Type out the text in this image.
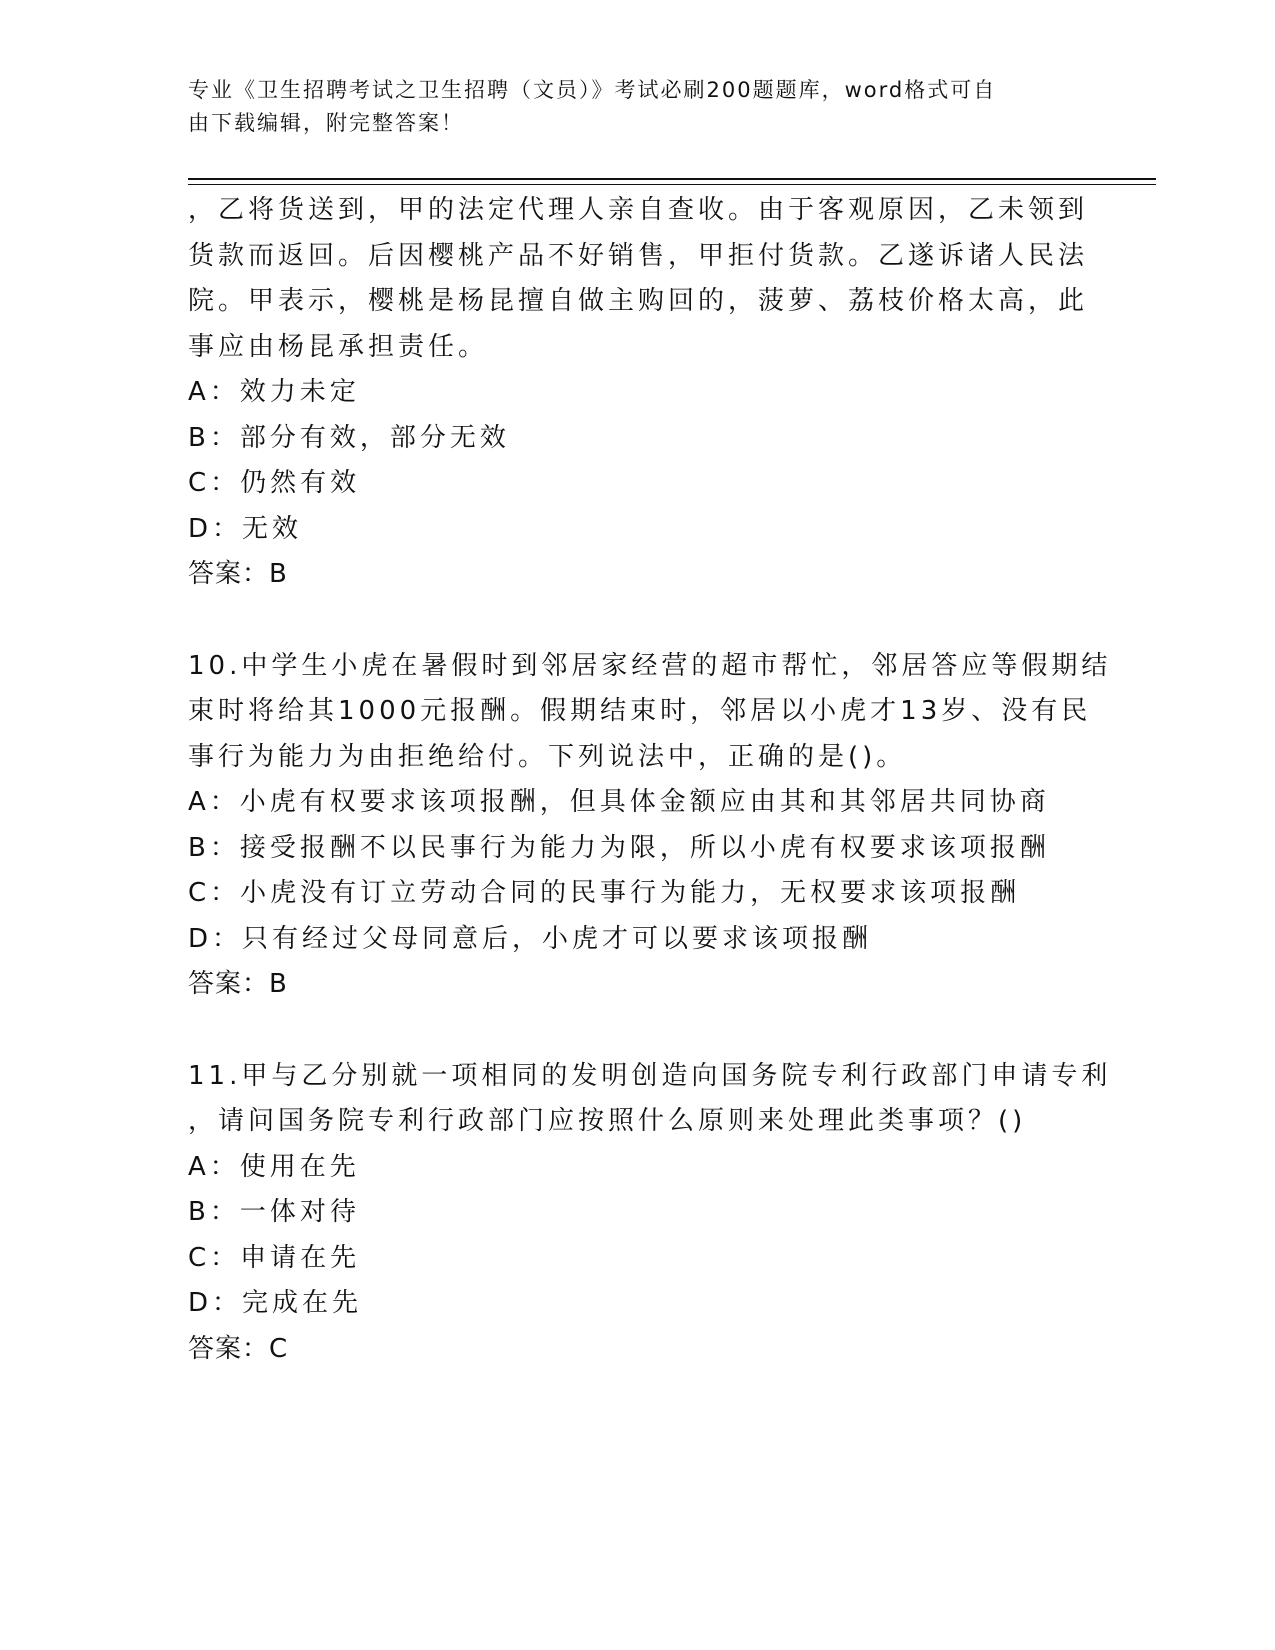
专业《卫生招聘考试之卫生招聘（文员）》考试必刷200题题库，word格式可自
由下载编辑，附完整答案！

，乙将货送到，甲的法定代理人亲自查收。由于客观原因，乙未领到

货款而返回。后因樱桃产品不好销售，甲拒付货款。乙遂诉诸人民法

院。甲表示，樱桃是杨昆擅自做主购回的，菠萝、荔枝价格太高，此

事应由杨昆承担责任。

A：效力未定

B：部分有效，部分无效

C：仍然有效

D：无效

答案：B

10.中学生小虎在暑假时到邻居家经营的超市帮忙，邻居答应等假期结

束时将给其1000元报酬。假期结束时，邻居以小虎才13岁、没有民

事行为能力为由拒绝给付。下列说法中，正确的是()。

A：小虎有权要求该项报酬，但具体金额应由其和其邻居共同协商

B：接受报酬不以民事行为能力为限，所以小虎有权要求该项报酬

C：小虎没有订立劳动合同的民事行为能力，无权要求该项报酬

D：只有经过父母同意后，小虎才可以要求该项报酬

答案：B

11.甲与乙分别就一项相同的发明创造向国务院专利行政部门申请专利

，请问国务院专利行政部门应按照什么原则来处理此类事项？()

A：使用在先

B：一体对待

C：申请在先

D：完成在先

答案：C
